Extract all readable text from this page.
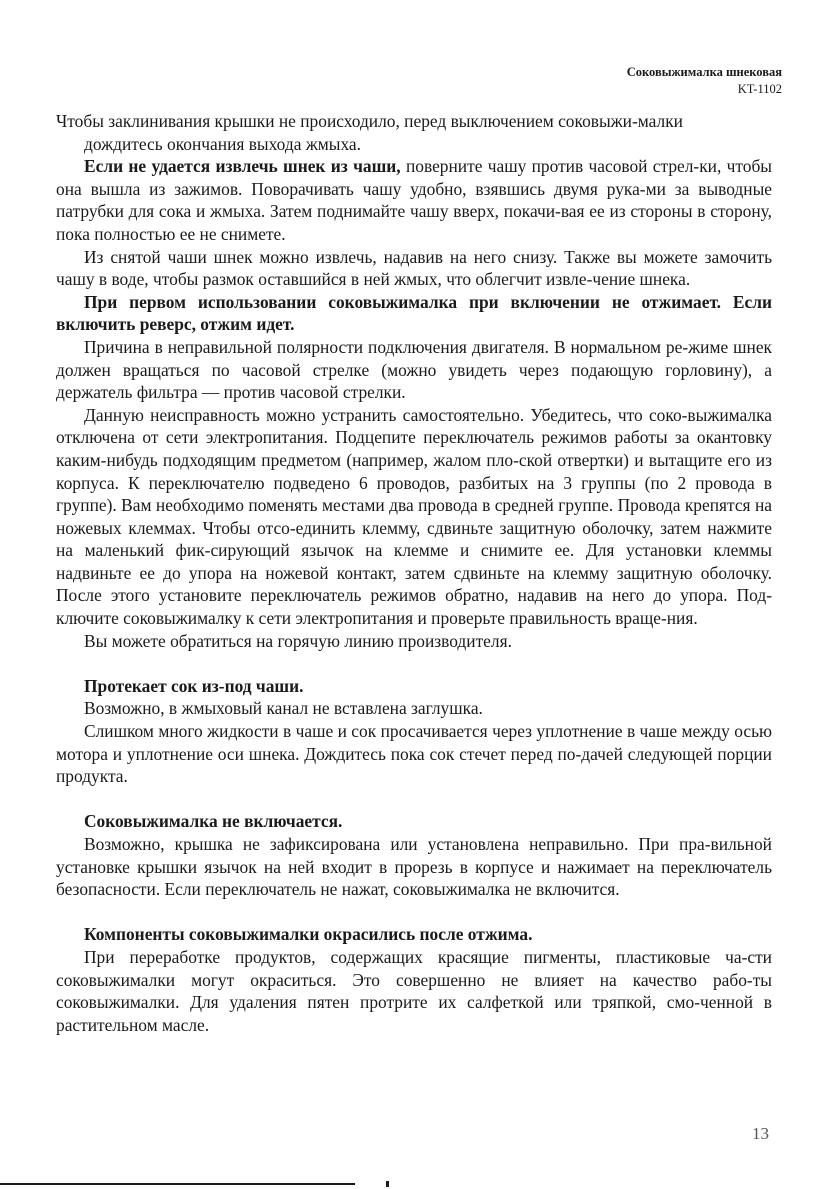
Соковыжималка шнековая
KT-1102

Чтобы заклинивания крышки не происходило, перед выключением соковыжи-малки

дождитесь окончания выхода жмыха.

Если не удается извлечь шнек из чаши, поверните чашу против часовой стрел-ки, чтобы она вышла из зажимов. Поворачивать чашу удобно, взявшись двумя рука-ми за выводные патрубки для сока и жмыха. Затем поднимайте чашу вверх, покачи-вая ее из стороны в сторону, пока полностью ее не снимете.

Из снятой чаши шнек можно извлечь, надавив на него снизу. Также вы можете замочить чашу в воде, чтобы размок оставшийся в ней жмых, что облегчит извле-чение шнека.

При первом использовании соковыжималка при включении не отжимает. Если включить реверс, отжим идет.

Причина в неправильной полярности подключения двигателя. В нормальном ре-жиме шнек должен вращаться по часовой стрелке (можно увидеть через подающую горловину), а держатель фильтра — против часовой стрелки.

Данную неисправность можно устранить самостоятельно. Убедитесь, что соко-выжималка отключена от сети электропитания. Подцепите переключатель режимов работы за окантовку каким-нибудь подходящим предметом (например, жалом пло-ской отвертки) и вытащите его из корпуса. К переключателю подведено 6 проводов, разбитых на 3 группы (по 2 провода в группе). Вам необходимо поменять местами два провода в средней группе. Провода крепятся на ножевых клеммах. Чтобы отсо-единить клемму, сдвиньте защитную оболочку, затем нажмите на маленький фик-сирующий язычок на клемме и снимите ее. Для установки клеммы надвиньте ее до упора на ножевой контакт, затем сдвиньте на клемму защитную оболочку. После этого установите переключатель режимов обратно, надавив на него до упора. Под-ключите соковыжималку к сети электропитания и проверьте правильность враще-ния.

Вы можете обратиться на горячую линию производителя.

Протекает сок из-под чаши.

Возможно, в жмыховый канал не вставлена заглушка.

Слишком много жидкости в чаше и сок просачивается через уплотнение в чаше между осью мотора и уплотнение оси шнека. Дождитесь пока сок стечет перед по-дачей следующей порции продукта.

Соковыжималка не включается.

Возможно, крышка не зафиксирована или установлена неправильно. При пра-вильной установке крышки язычок на ней входит в прорезь в корпусе и нажимает на переключатель безопасности. Если переключатель не нажат, соковыжималка не включится.

Компоненты соковыжималки окрасились после отжима.

При переработке продуктов, содержащих красящие пигменты, пластиковые ча-сти соковыжималки могут окраситься. Это совершенно не влияет на качество рабо-ты соковыжималки. Для удаления пятен протрите их салфеткой или тряпкой, смо-ченной в растительном масле.

13
